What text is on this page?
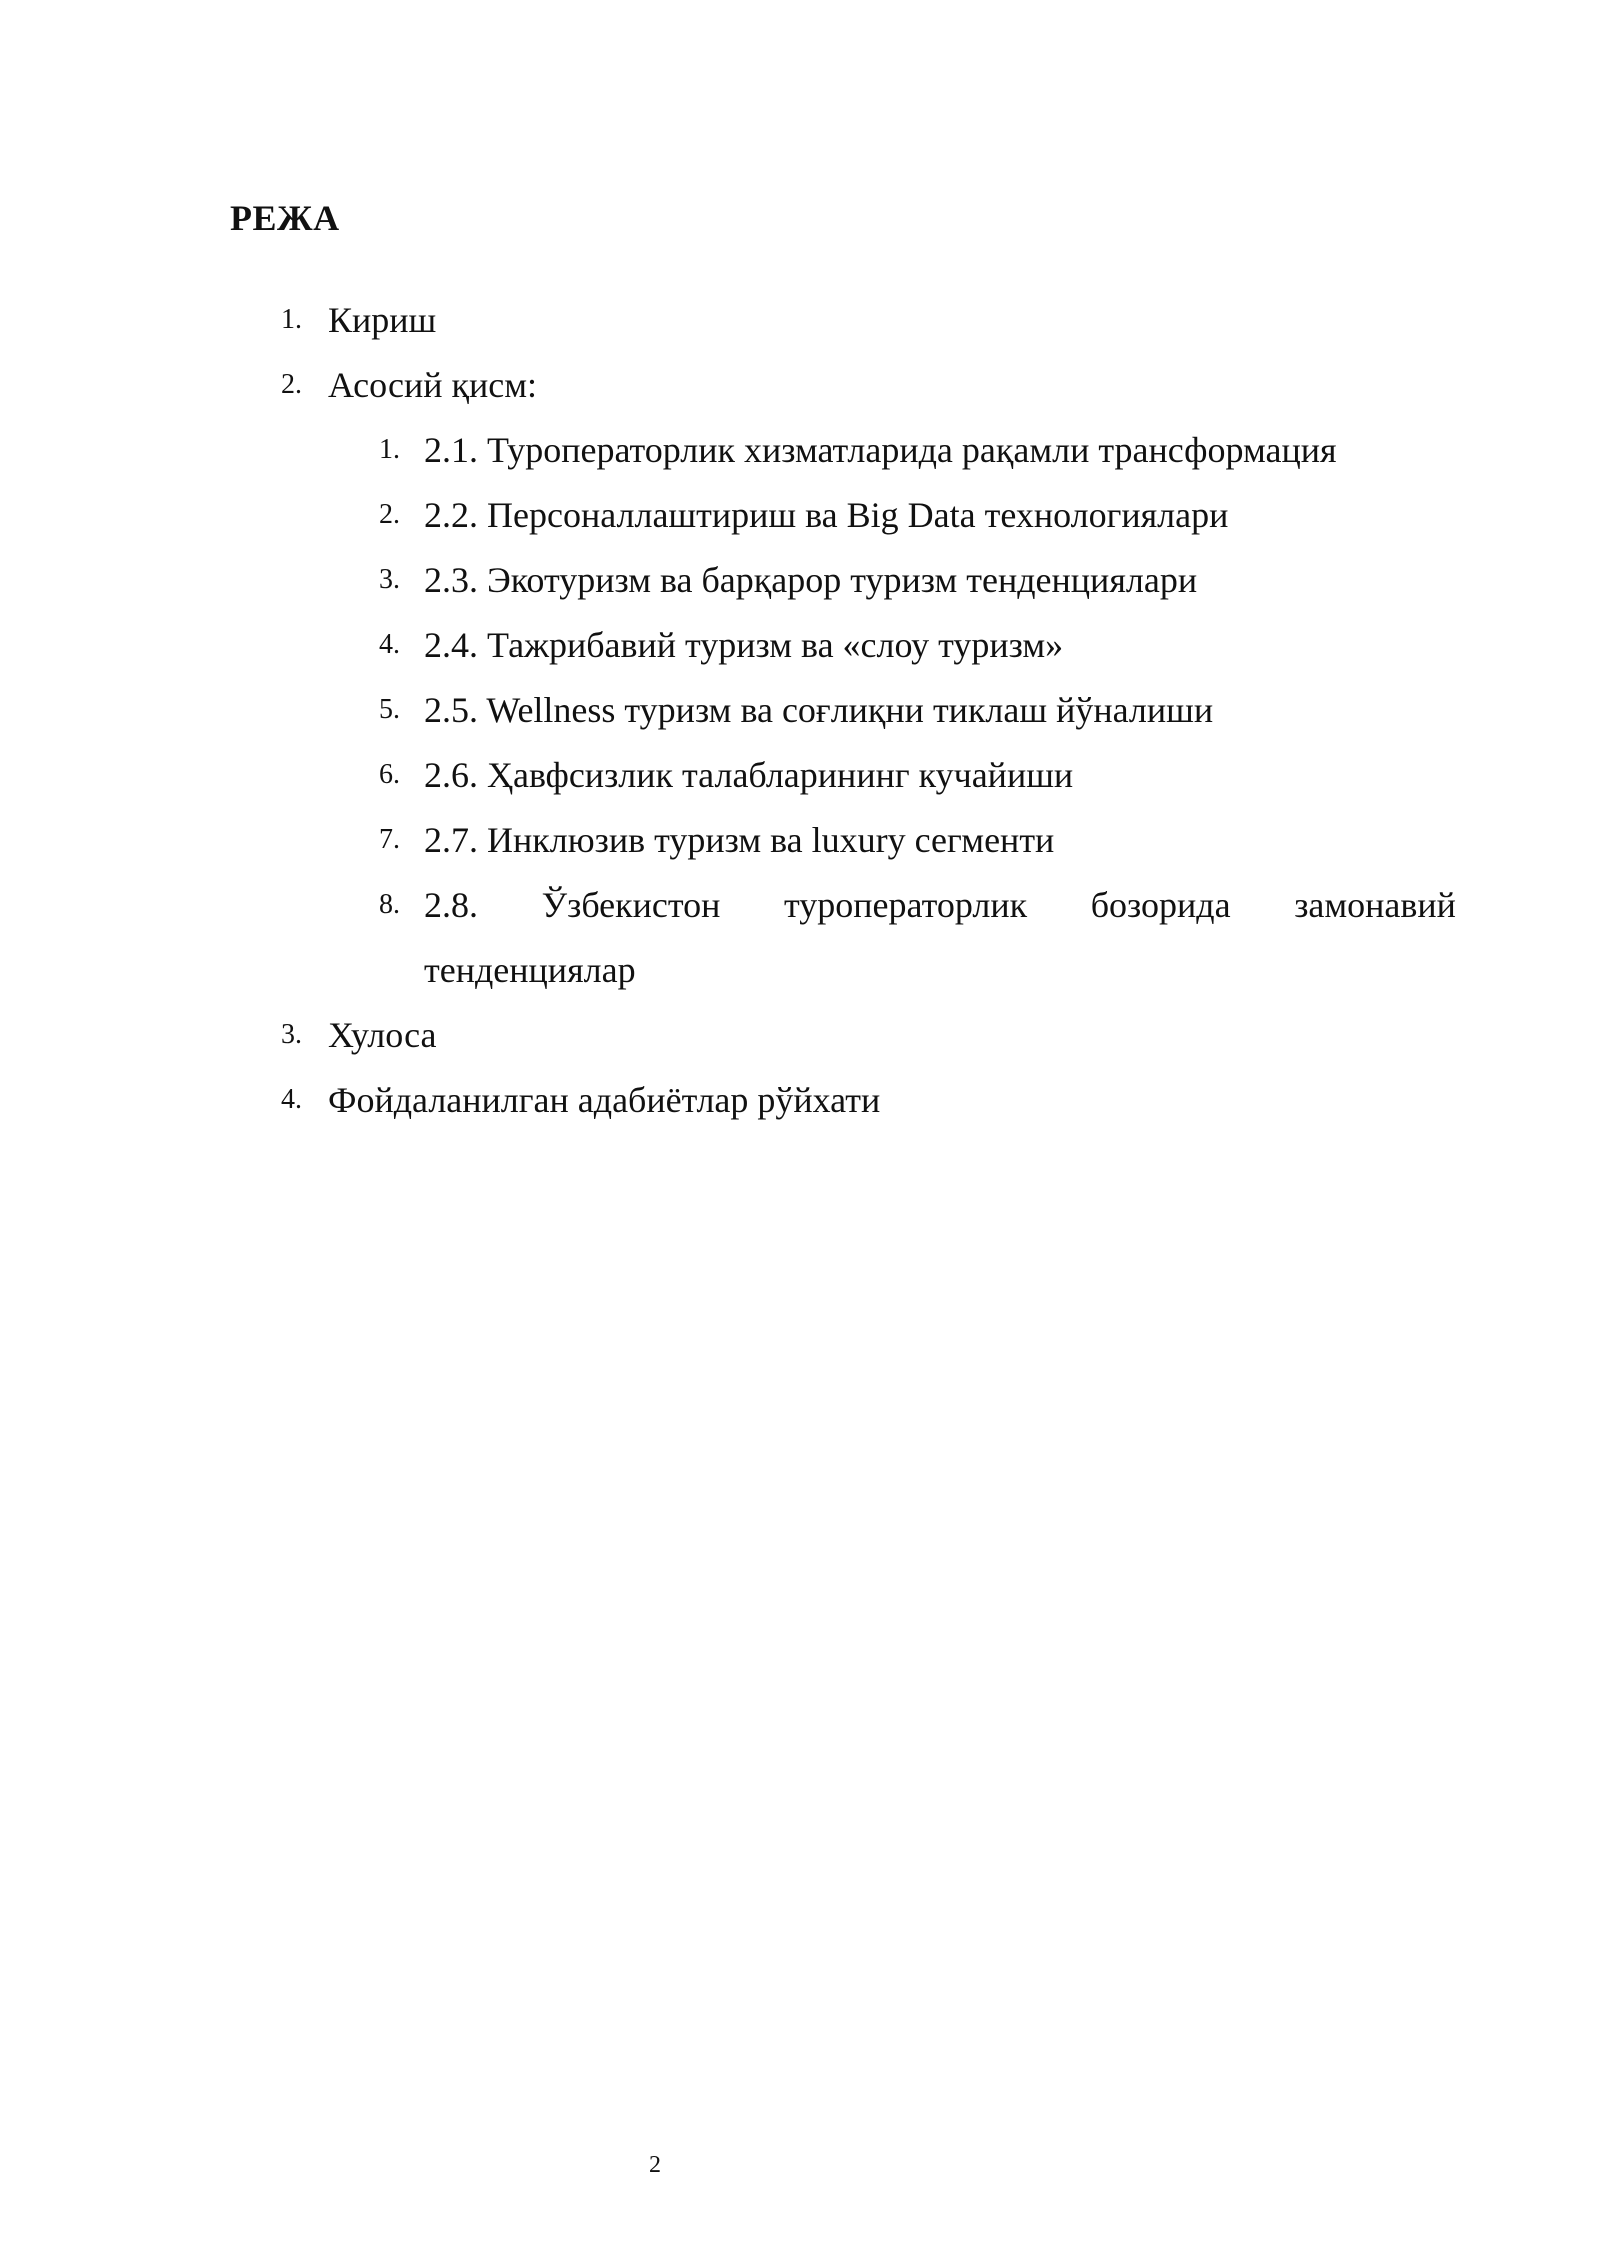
РЕЖА
1. Кириш
2. Асосий қисм:
1. 2.1. Туроператорлик хизматларида рақамли трансформация
2. 2.2. Персоналлаштириш ва Big Data технологиялари
3. 2.3. Экотуризм ва барқарор туризм тенденциялари
4. 2.4. Тажрибавий туризм ва «слоу туризм»
5. 2.5. Wellness туризм ва соғлиқни тиклаш йўналиши
6. 2.6. Ҳавфсизлик талабларининг кучайиши
7. 2.7. Инклюзив туризм ва luxury сегменти
8. 2.8. Ўзбекистон туроператорлик бозорида замонавий
тенденциялар
3. Хулоса
4. Фойдаланилган адабиётлар рўйхати
2
